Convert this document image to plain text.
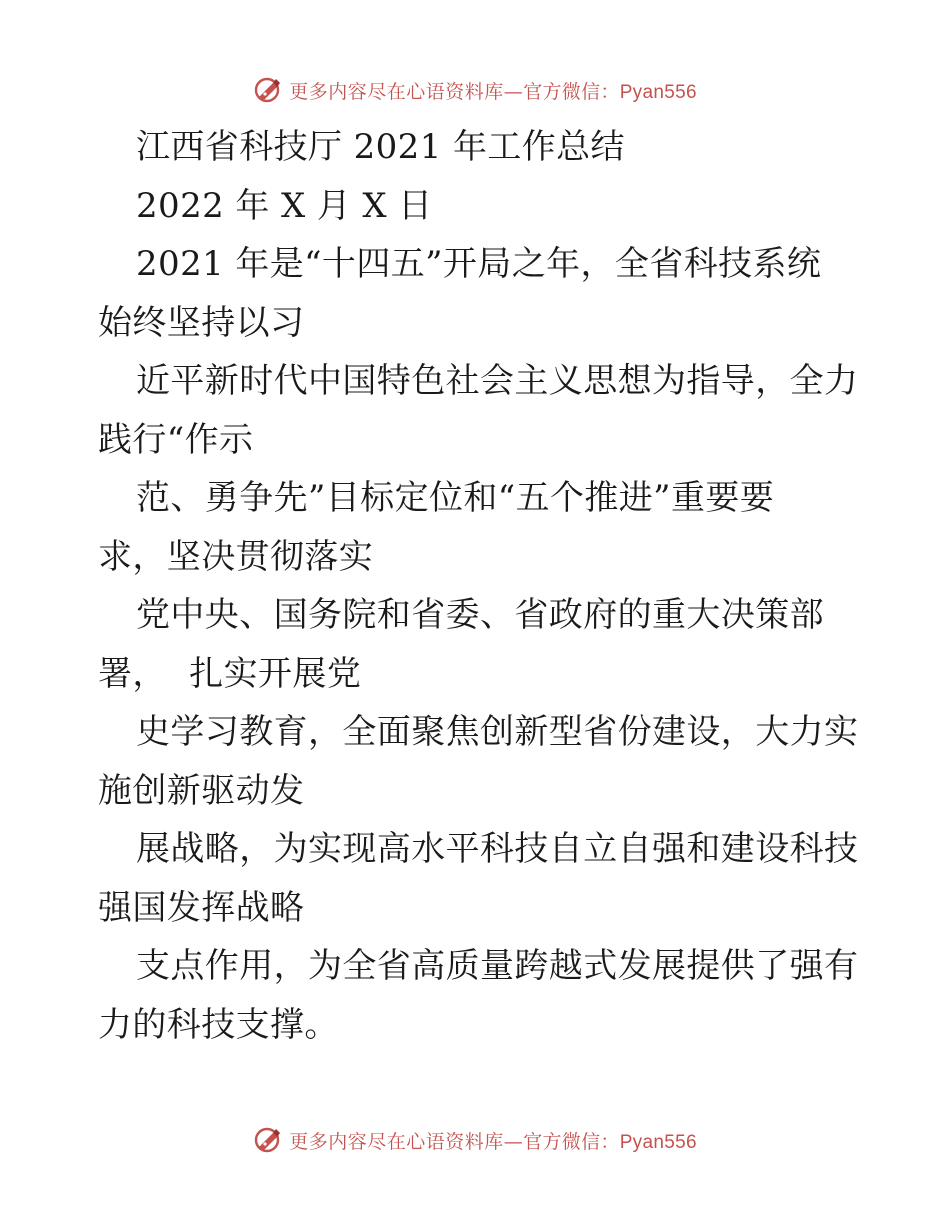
更多内容尽在心语资料库—官方微信：Pyan556
江西省科技厅 2021 年工作总结
2022 年 X 月 X 日
2021 年是“十四五”开局之年，全省科技系统
始终坚持以习
近平新时代中国特色社会主义思想为指导，全力
践行“作示
范、勇争先”目标定位和“五个推进”重要要
求，坚决贯彻落实
党中央、国务院和省委、省政府的重大决策部
署，  扎实开展党
史学习教育，全面聚焦创新型省份建设，大力实
施创新驱动发
展战略，为实现高水平科技自立自强和建设科技
强国发挥战略
支点作用，为全省高质量跨越式发展提供了强有
力的科技支撑。
更多内容尽在心语资料库—官方微信：Pyan556
